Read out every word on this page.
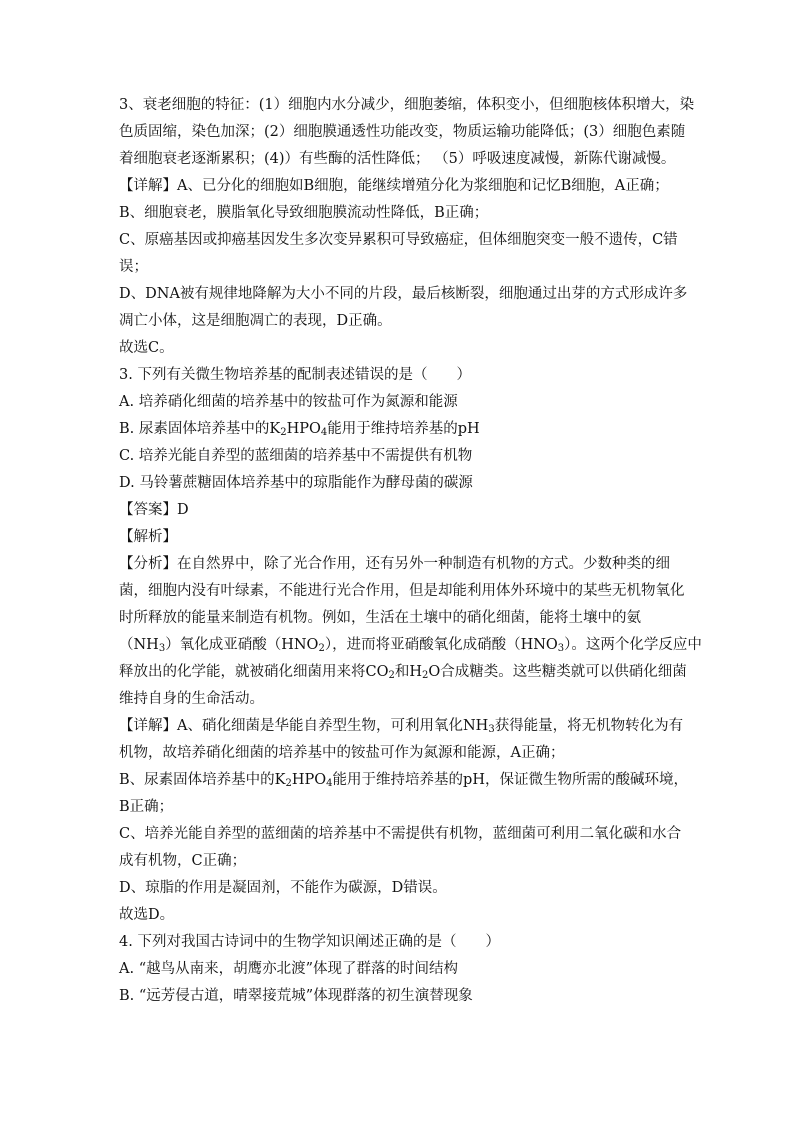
3、衰老细胞的特征：(1）细胞内水分减少，细胞萎缩，体积变小，但细胞核体积增大，染
色质固缩，染色加深；(2）细胞膜通透性功能改变，物质运输功能降低；(3）细胞色素随
着细胞衰老逐渐累积；(4)）有些酶的活性降低； （5）呼吸速度减慢，新陈代谢减慢。
【详解】A、已分化的细胞如B细胞，能继续增殖分化为浆细胞和记忆B细胞，A正确；
B、细胞衰老，膜脂氧化导致细胞膜流动性降低，B正确；
C、原癌基因或抑癌基因发生多次变异累积可导致癌症，但体细胞突变一般不遗传，C错
误；
D、DNA被有规律地降解为大小不同的片段，最后核断裂，细胞通过出芽的方式形成许多
凋亡小体，这是细胞凋亡的表现，D正确。
故选C。
3. 下列有关微生物培养基的配制表述错误的是（　　）
A. 培养硝化细菌的培养基中的铵盐可作为氮源和能源
B. 尿素固体培养基中的$K_2HPO_4$能用于维持培养基的pH
C. 培养光能自养型的蓝细菌的培养基中不需提供有机物
D. 马铃薯蔗糖固体培养基中的琼脂能作为酵母菌的碳源
【答案】D
【解析】
【分析】在自然界中，除了光合作用，还有另外一种制造有机物的方式。少数种类的细
菌，细胞内没有叶绿素，不能进行光合作用，但是却能利用体外环境中的某些无机物氧化
时所释放的能量来制造有机物。例如，生活在土壤中的硝化细菌，能将土壤中的氨
$(NH_3)$氧化成亚硝酸$(HNO_2)$，进而将亚硝酸氧化成硝酸$(HNO_3)$。这两个化学反应中
释放出的化学能，就被硝化细菌用来将$CO_2$和$H_2O$合成糖类。这些糖类就可以供硝化细菌
维持自身的生命活动。
【详解】A、硝化细菌是华能自养型生物，可利用氧化$NH_3$获得能量，将无机物转化为有
机物，故培养硝化细菌的培养基中的铵盐可作为氮源和能源，A正确；
B、尿素固体培养基中的$K_2HPO_4$能用于维持培养基的pH，保证微生物所需的酸碱环境，
B正确；
C、培养光能自养型的蓝细菌的培养基中不需提供有机物，蓝细菌可利用二氧化碳和水合
成有机物，C正确；
D、琼脂的作用是凝固剂，不能作为碳源，D错误。
故选D。
4. 下列对我国古诗词中的生物学知识阐述正确的是（　　）
A. “越鸟从南来，胡鹰亦北渡”体现了群落的时间结构
B. “远芳侵古道，晴翠接荒城”体现群落的初生演替现象
